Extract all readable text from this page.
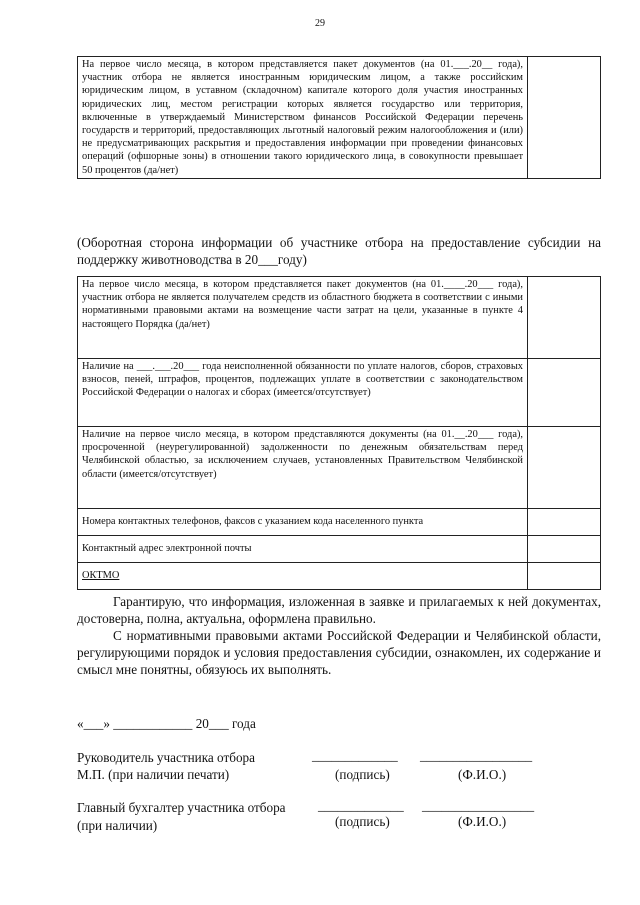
29
На первое число месяца, в котором представляется пакет документов (на 01.___.20__ года), участник отбора не является иностранным юридическим лицом, а также российским юридическим лицом, в уставном (складочном) капитале которого доля участия иностранных юридических лиц, местом регистрации которых является государство или территория, включенные в утверждаемый Министерством финансов Российской Федерации перечень государств и территорий, предоставляющих льготный налоговый режим налогообложения и (или) не предусматривающих раскрытия и предоставления информации при проведении финансовых операций (офшорные зоны) в отношении такого юридического лица, в совокупности превышает 50 процентов (да/нет)	
(Оборотная сторона информации об участнике отбора на предоставление субсидии на поддержку животноводства в 20___году)
На первое число месяца, в котором представляется пакет документов (на 01.____.20___ года), участник отбора не является получателем средств из областного бюджета в соответствии с иными нормативными правовыми актами на возмещение части затрат на цели, указанные в пункте 4 настоящего Порядка (да/нет)	
Наличие на ___.___.20___ года неисполненной обязанности по уплате налогов, сборов, страховых взносов, пеней, штрафов, процентов, подлежащих уплате в соответствии с законодательством Российской Федерации о налогах и сборах (имеется/отсутствует)	
Наличие на первое число месяца, в котором представляются документы (на 01.__.20___ года), просроченной (неурегулированной) задолженности по денежным обязательствам перед Челябинской областью, за исключением случаев, установленных Правительством Челябинской области (имеется/отсутствует)	
Номера контактных телефонов, факсов с указанием кода населенного пункта	
Контактный адрес электронной почты	
ОКТМО	
Гарантирую, что информация, изложенная в заявке и прилагаемых к ней документах, достоверна, полна, актуальна, оформлена правильно.
С нормативными правовыми актами Российской Федерации и Челябинской области, регулирующими порядок и условия предоставления субсидии, ознакомлен, их содержание и смысл мне понятны, обязуюсь их выполнять.
«___» ____________ 20___ года
Руководитель участника отбора	_____________ _________________
М.П. (при наличии печати)	(подпись)	(Ф.И.О.)
Главный бухгалтер участника отбора _____________ _________________
(при наличии)	(подпись)	(Ф.И.О.)
